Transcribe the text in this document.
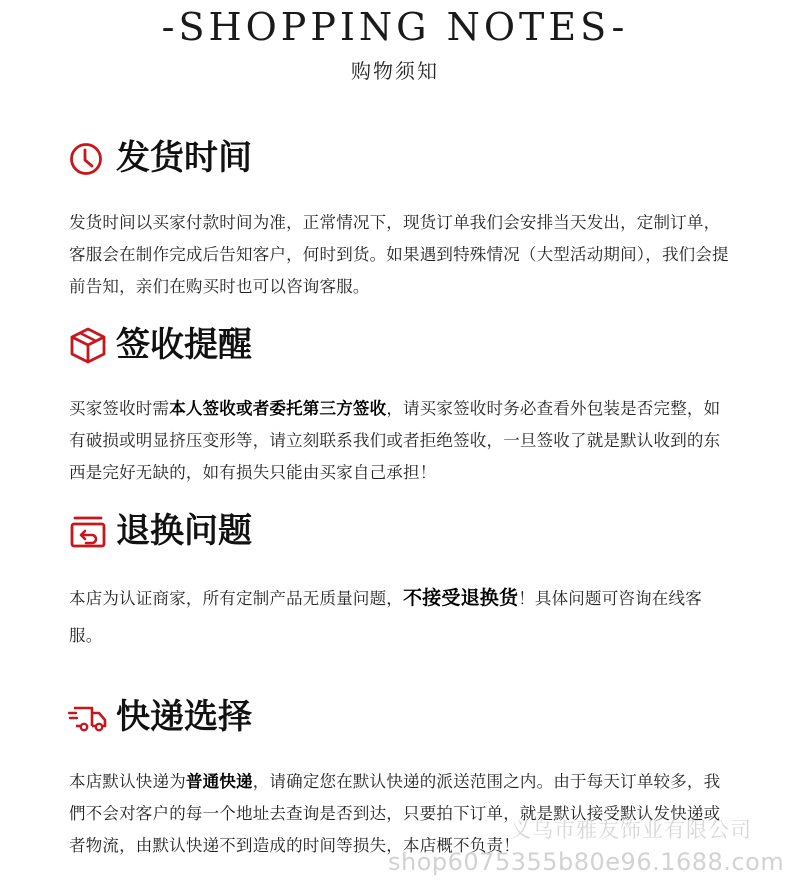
-SHOPPING NOTES-
购物须知
发货时间
发货时间以买家付款时间为准，正常情况下，现货订单我们会安排当天发出，定制订单，客服会在制作完成后告知客户，何时到货。如果遇到特殊情况（大型活动期间），我们会提前告知，亲们在购买时也可以咨询客服。
签收提醒
买家签收时需本人签收或者委托第三方签收，请买家签收时务必查看外包装是否完整，如有破损或明显挤压变形等，请立刻联系我们或者拒绝签收，一旦签收了就是默认收到的东西是完好无缺的，如有损失只能由买家自己承担！
退换问题
本店为认证商家，所有定制产品无质量问题，不接受退换货！具体问题可咨询在线客服。
快递选择
本店默认快递为普通快递，请确定您在默认快递的派送范围之内。由于每天订单较多，我們不会对客户的每一个地址去查询是否到达，只要拍下订单，就是默认接受默认发快递或者物流，由默认快递不到造成的时间等损失，本店概不负责！
义乌市雅友饰业有限公司
shop6075355b80e96.1688.com
